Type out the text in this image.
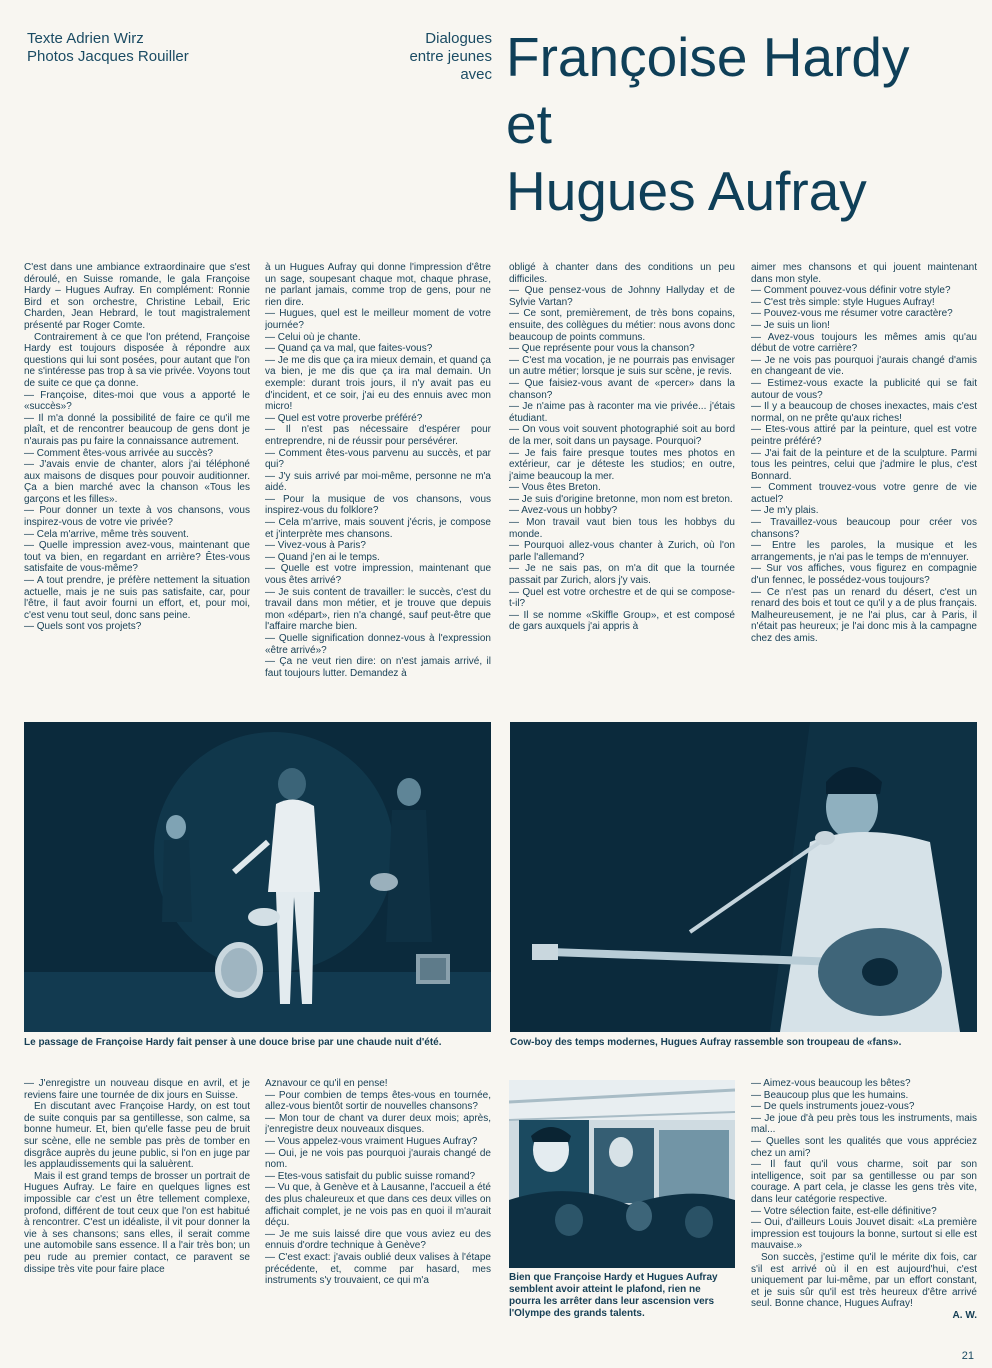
Texte Adrien Wirz
Photos Jacques Rouiller
Dialogues
entre jeunes
avec Françoise Hardy
et
Hugues Aufray

C'est dans une ambiance extraordinaire que s'est déroulé, en Suisse romande, le gala Françoise Hardy – Hugues Aufray. En complément: Ronnie Bird et son orchestre, Christine Lebail, Eric Charden, Jean Hebrard, le tout magistralement présenté par Roger Comte.

Contrairement à ce que l'on prétend, Françoise Hardy est toujours disposée à répondre aux questions qui lui sont posées, pour autant que l'on ne s'intéresse pas trop à sa vie privée. Voyons tout de suite ce que ça donne.

— Françoise, dites-moi que vous a apporté le «succès»?

— Il m'a donné la possibilité de faire ce qu'il me plaît, et de rencontrer beaucoup de gens dont je n'aurais pas pu faire la connaissance autrement.

— Comment êtes-vous arrivée au succès?

— J'avais envie de chanter, alors j'ai téléphoné aux maisons de disques pour pouvoir auditionner. Ça a bien marché avec la chanson «Tous les garçons et les filles».

— Pour donner un texte à vos chansons, vous inspirez-vous de votre vie privée?

— Cela m'arrive, même très souvent.

— Quelle impression avez-vous, maintenant que tout va bien, en regardant en arrière? Êtes-vous satisfaite de vous-même?

— A tout prendre, je préfère nettement la situation actuelle, mais je ne suis pas satisfaite, car, pour l'être, il faut avoir fourni un effort, et, pour moi, c'est venu tout seul, donc sans peine.

— Quels sont vos projets?

à un Hugues Aufray qui donne l'impression d'être un sage, soupesant chaque mot, chaque phrase, ne parlant jamais, comme trop de gens, pour ne rien dire.

— Hugues, quel est le meilleur moment de votre journée?

— Celui où je chante.

— Quand ça va mal, que faites-vous?

— Je me dis que ça ira mieux demain, et quand ça va bien, je me dis que ça ira mal demain. Un exemple: durant trois jours, il n'y avait pas eu d'incident, et ce soir, j'ai eu des ennuis avec mon micro!

— Quel est votre proverbe préféré?

— Il n'est pas nécessaire d'espérer pour entreprendre, ni de réussir pour persévérer.

— Comment êtes-vous parvenu au succès, et par qui?

— J'y suis arrivé par moi-même, personne ne m'a aidé.

— Pour la musique de vos chansons, vous inspirez-vous du folklore?

— Cela m'arrive, mais souvent j'écris, je compose et j'interprète mes chansons.

— Vivez-vous à Paris?

— Quand j'en ai le temps.

— Quelle est votre impression, maintenant que vous êtes arrivé?

— Je suis content de travailler: le succès, c'est du travail dans mon métier, et je trouve que depuis mon «départ», rien n'a changé, sauf peut-être que l'affaire marche bien.

— Quelle signification donnez-vous à l'expression «être arrivé»?

— Ça ne veut rien dire: on n'est jamais arrivé, il faut toujours lutter. Demandez à

obligé à chanter dans des conditions un peu difficiles.

— Que pensez-vous de Johnny Hallyday et de Sylvie Vartan?

— Ce sont, premièrement, de très bons copains, ensuite, des collègues du métier: nous avons donc beaucoup de points communs.

— Que représente pour vous la chanson?

— C'est ma vocation, je ne pourrais pas envisager un autre métier; lorsque je suis sur scène, je revis.

— Que faisiez-vous avant de «percer» dans la chanson?

— Je n'aime pas à raconter ma vie privée... j'étais étudiant.

— On vous voit souvent photographié soit au bord de la mer, soit dans un paysage. Pourquoi?

— Je fais faire presque toutes mes photos en extérieur, car je déteste les studios; en outre, j'aime beaucoup la mer.

— Vous êtes Breton.

— Je suis d'origine bretonne, mon nom est breton.

— Avez-vous un hobby?

— Mon travail vaut bien tous les hobbys du monde.

— Pourquoi allez-vous chanter à Zurich, où l'on parle l'allemand?

— Je ne sais pas, on m'a dit que la tournée passait par Zurich, alors j'y vais.

— Quel est votre orchestre et de qui se compose-t-il?

— Il se nomme «Skiffle Group», et est composé de gars auxquels j'ai appris à

aimer mes chansons et qui jouent maintenant dans mon style.

— Comment pouvez-vous définir votre style?

— C'est très simple: style Hugues Aufray!

— Pouvez-vous me résumer votre caractère?

— Je suis un lion!

— Avez-vous toujours les mêmes amis qu'au début de votre carrière?

— Je ne vois pas pourquoi j'aurais changé d'amis en changeant de vie.

— Estimez-vous exacte la publicité qui se fait autour de vous?

— Il y a beaucoup de choses inexactes, mais c'est normal, on ne prête qu'aux riches!

— Etes-vous attiré par la peinture, quel est votre peintre préféré?

— J'ai fait de la peinture et de la sculpture. Parmi tous les peintres, celui que j'admire le plus, c'est Bonnard.

— Comment trouvez-vous votre genre de vie actuel?

— Je m'y plais.

— Travaillez-vous beaucoup pour créer vos chansons?

— Entre les paroles, la musique et les arrangements, je n'ai pas le temps de m'ennuyer.

— Sur vos affiches, vous figurez en compagnie d'un fennec, le possédez-vous toujours?

— Ce n'est pas un renard du désert, c'est un renard des bois et tout ce qu'il y a de plus français. Malheureusement, je ne l'ai plus, car à Paris, il n'était pas heureux; je l'ai donc mis à la campagne chez des amis.

Le passage de Françoise Hardy fait penser à une douce brise par une chaude nuit d'été.	Cow-boy des temps modernes, Hugues Aufray rassemble son troupeau de «fans».

— J'enregistre un nouveau disque en avril, et je reviens faire une tournée de dix jours en Suisse.

En discutant avec Françoise Hardy, on est tout de suite conquis par sa gentillesse, son calme, sa bonne humeur. Et, bien qu'elle fasse peu de bruit sur scène, elle ne semble pas près de tomber en disgrâce auprès du jeune public, si l'on en juge par les applaudissements qui la saluèrent.

Mais il est grand temps de brosser un portrait de Hugues Aufray. Le faire en quelques lignes est impossible car c'est un être tellement complexe, profond, différent de tout ceux que l'on est habitué à rencontrer. C'est un idéaliste, il vit pour donner la vie à ses chansons; sans elles, il serait comme une automobile sans essence. Il a l'air très bon; un peu rude au premier contact, ce paravent se dissipe très vite pour faire place

Aznavour ce qu'il en pense!

— Pour combien de temps êtes-vous en tournée, allez-vous bientôt sortir de nouvelles chansons?

— Mon tour de chant va durer deux mois; après, j'enregistre deux nouveaux disques.

— Vous appelez-vous vraiment Hugues Aufray?

— Oui, je ne vois pas pourquoi j'aurais changé de nom.

— Etes-vous satisfait du public suisse romand?

— Vu que, à Genève et à Lausanne, l'accueil a été des plus chaleureux et que dans ces deux villes on affichait complet, je ne vois pas en quoi il m'aurait déçu.

— Je me suis laissé dire que vous aviez eu des ennuis d'ordre technique à Genève?

— C'est exact: j'avais oublié deux valises à l'étape précédente, et, comme par hasard, mes instruments s'y trouvaient, ce qui m'a	Bien que Françoise Hardy et Hugues Aufray semblent avoir atteint le plafond, rien ne pourra les arrêter dans leur ascension vers l'Olympe des grands talents.

— Aimez-vous beaucoup les bêtes?

— Beaucoup plus que les humains.

— De quels instruments jouez-vous?

— Je joue d'à peu près tous les instruments, mais mal...

— Quelles sont les qualités que vous appréciez chez un ami?

— Il faut qu'il vous charme, soit par son intelligence, soit par sa gentillesse ou par son courage. A part cela, je classe les gens très vite, dans leur catégorie respective.

— Votre sélection faite, est-elle définitive?

— Oui, d'ailleurs Louis Jouvet disait: «La première impression est toujours la bonne, surtout si elle est mauvaise.»

Son succès, j'estime qu'il le mérite dix fois, car s'il est arrivé où il en est aujourd'hui, c'est uniquement par lui-même, par un effort constant, et je suis sûr qu'il est très heureux d'être arrivé seul. Bonne chance, Hugues Aufray!

A. W.
21
